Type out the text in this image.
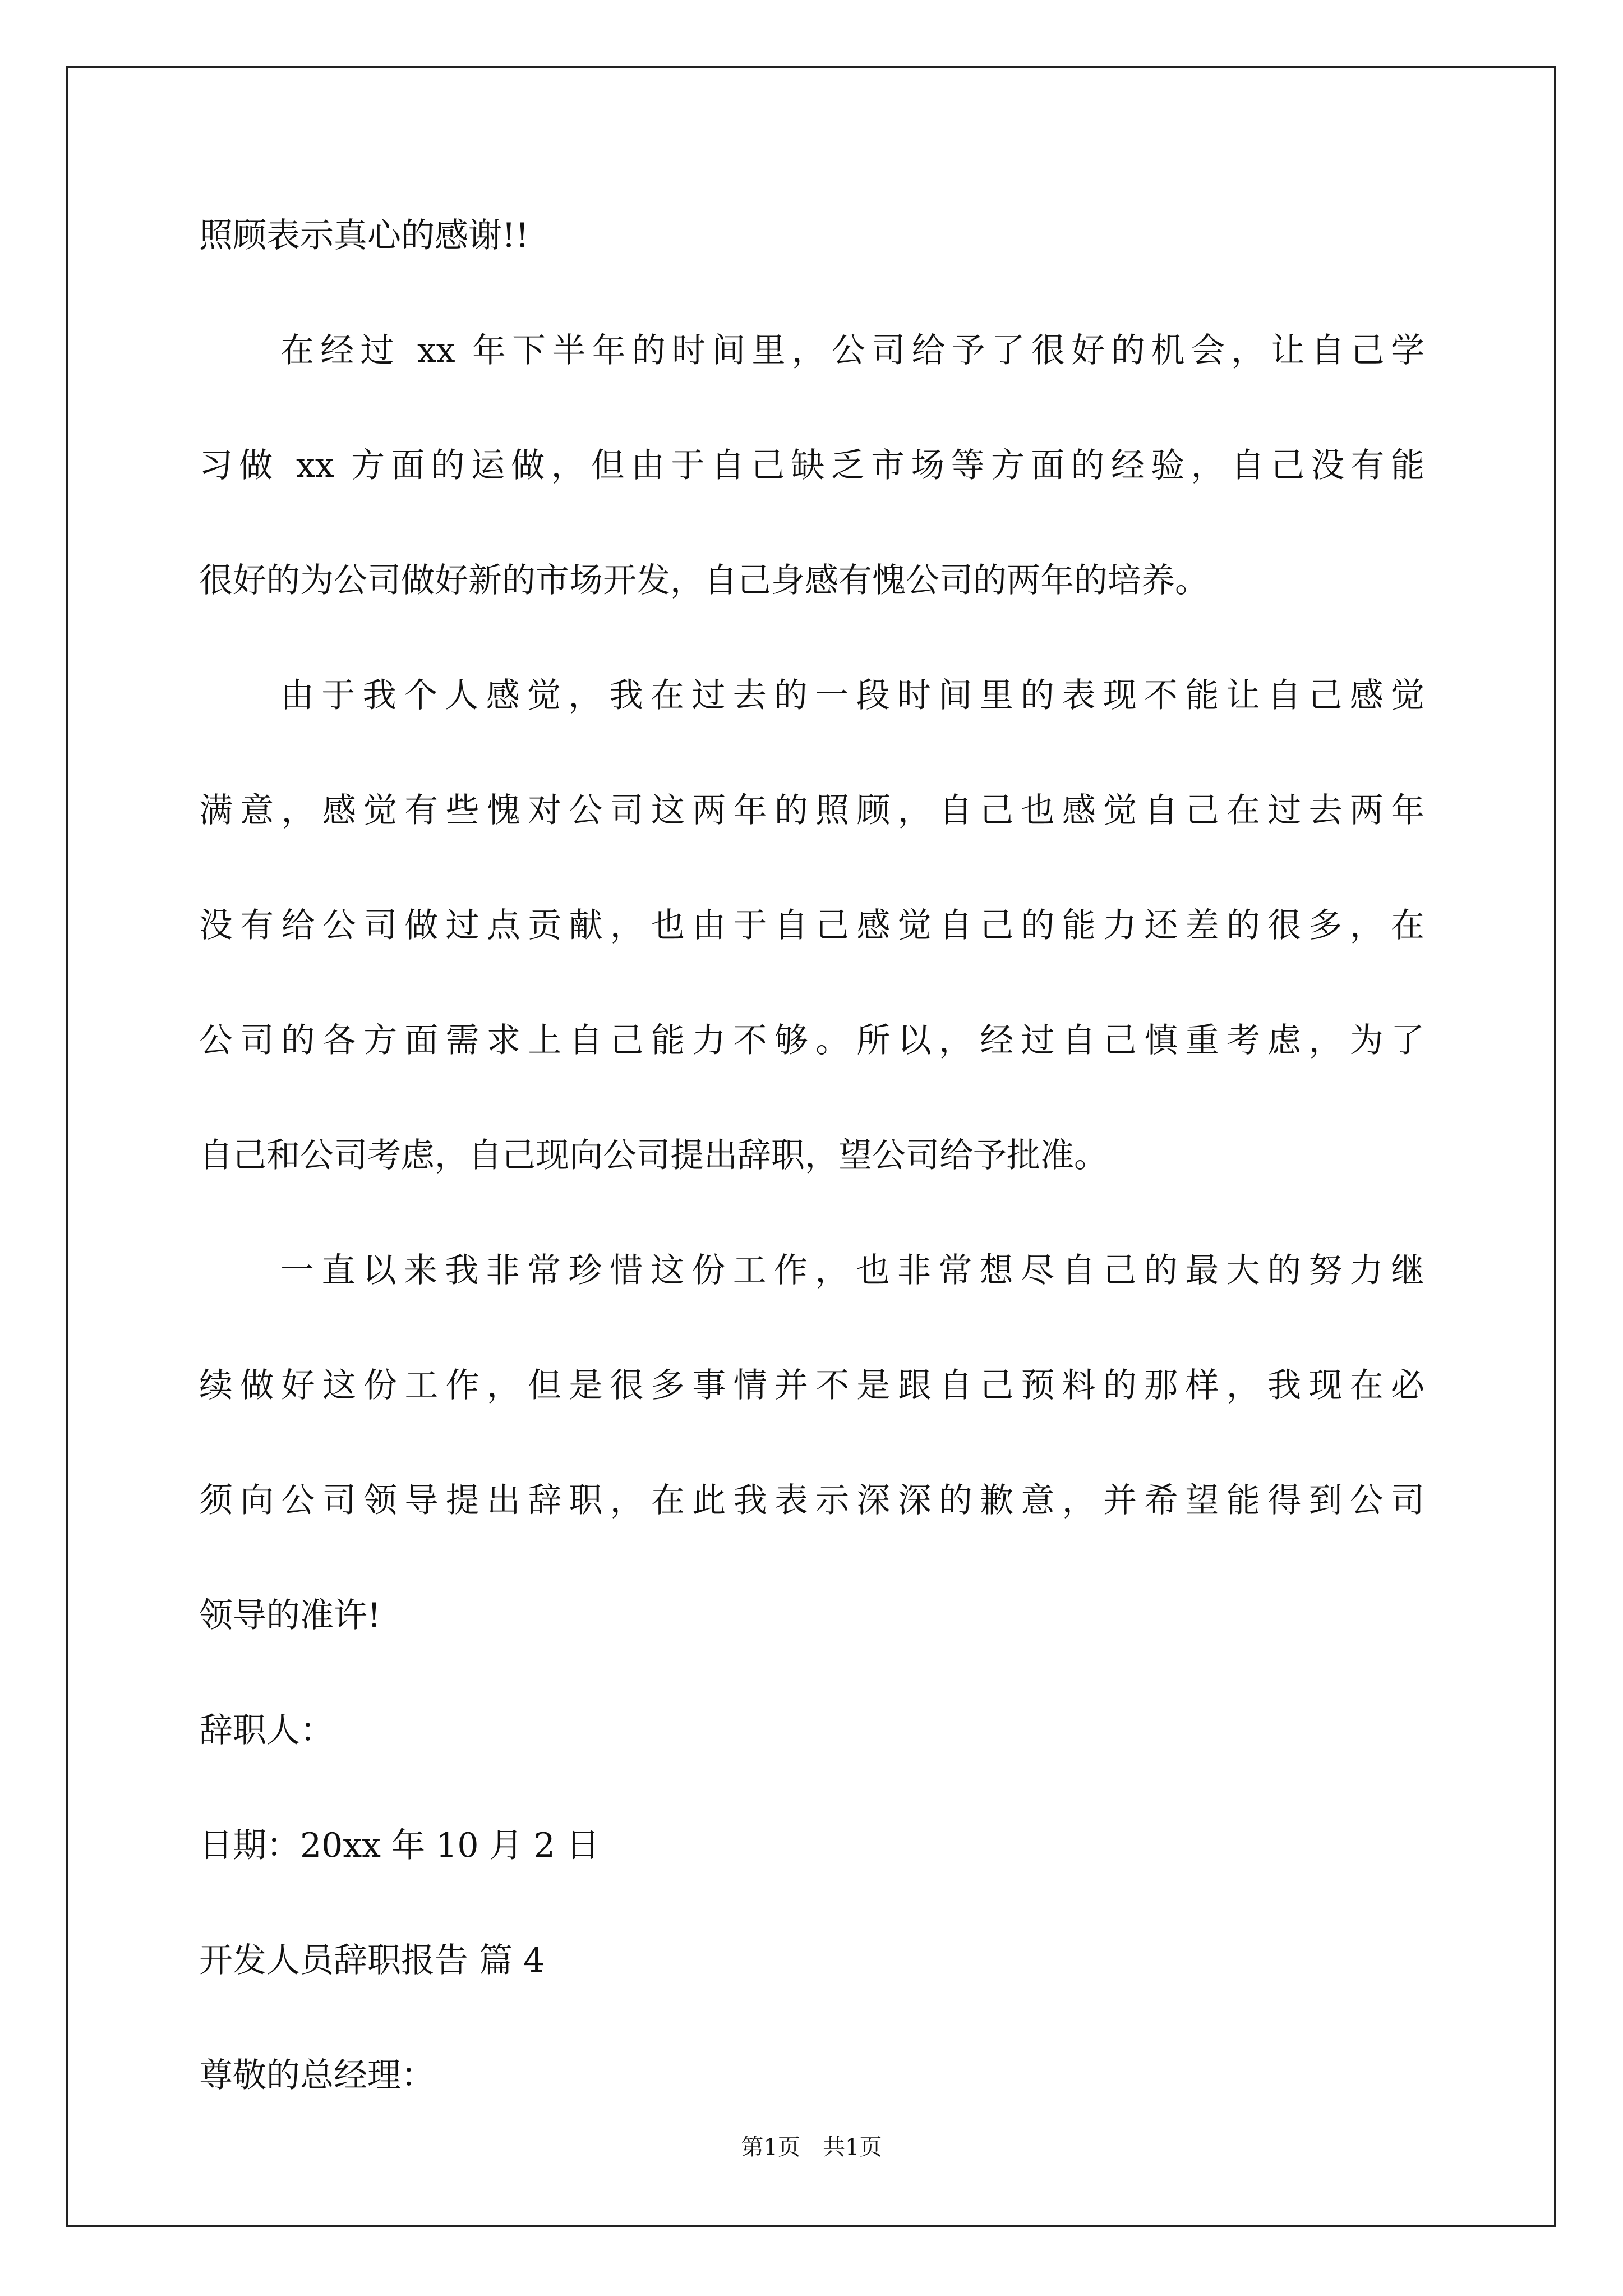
照顾表示真心的感谢!!

在经过 xx 年下半年的时间里，公司给予了很好的机会，让自己学

习做 xx 方面的运做，但由于自己缺乏市场等方面的经验，自己没有能

很好的为公司做好新的市场开发，自己身感有愧公司的两年的培养。

由于我个人感觉，我在过去的一段时间里的表现不能让自己感觉

满意，感觉有些愧对公司这两年的照顾，自己也感觉自己在过去两年

没有给公司做过点贡献，也由于自己感觉自己的能力还差的很多，在

公司的各方面需求上自己能力不够。所以，经过自己慎重考虑，为了

自己和公司考虑，自己现向公司提出辞职，望公司给予批准。

一直以来我非常珍惜这份工作，也非常想尽自己的最大的努力继

续做好这份工作，但是很多事情并不是跟自己预料的那样，我现在必

须向公司领导提出辞职，在此我表示深深的歉意，并希望能得到公司

领导的准许!

辞职人：

日期：20xx 年 10 月 2 日

开发人员辞职报告 篇 4

尊敬的总经理：

第1页　共1页
